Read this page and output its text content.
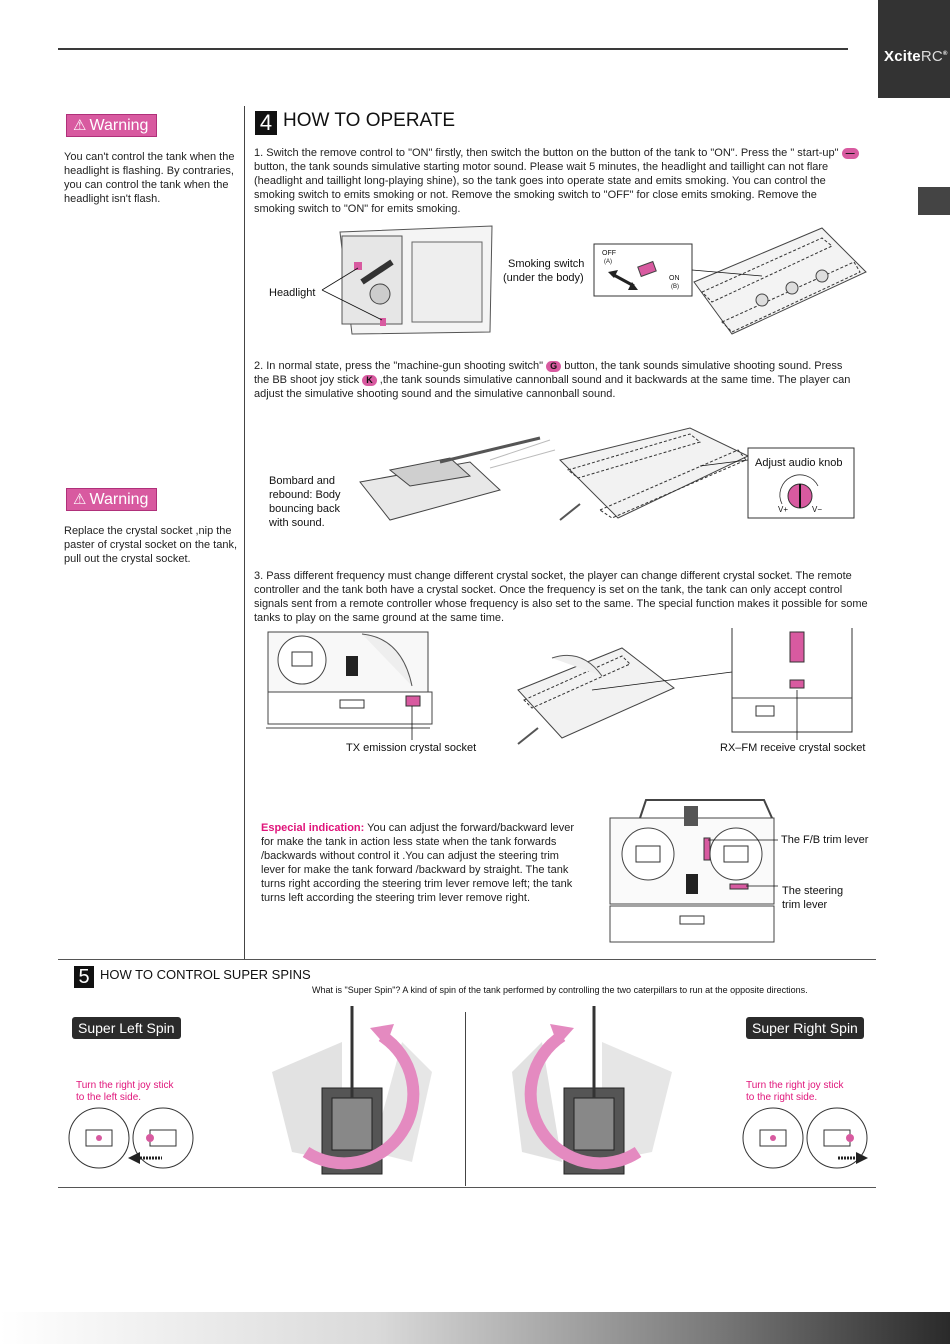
XciteRC®
⚠ Warning
You can't control the tank when the headlight is flashing. By contraries, you can control the tank when the headlight isn't flash.
⚠ Warning
Replace the crystal socket ,nip the paster of crystal socket on the tank, pull out the crystal socket.
4 HOW TO OPERATE
1. Switch the remove control to "ON" firstly, then switch the button on the button of the tank to "ON". Press the " start-up" — button, the tank sounds simulative starting motor sound. Please wait 5 minutes, the headlight and taillight can not flare (headlight and taillight long-playing shine), so the tank goes into operate state and emits smoking. You can control the smoking switch to emits smoking or not. Remove the smoking switch to "OFF" for close emits smoking. Remove the smoking switch to "ON" for emits smoking.
Headlight
Smoking switch
(under the body)
OFF
(A)
ON
(B)
2. In normal state, press the "machine-gun shooting switch" G button, the tank sounds simulative shooting sound. Press the BB shoot joy stick K ,the tank sounds simulative cannonball sound and it backwards at the same time. The player can adjust the simulative shooting sound and the simulative cannonball sound.
Bombard and rebound: Body bouncing back with sound.
Adjust audio knob
V+	V−
3. Pass different frequency must change different crystal socket, the player can change different crystal socket. The remote controller and the tank both have a crystal socket. Once the frequency is set on the tank, the tank can only accept control signals sent from a remote controller whose frequency is also set to the same. The special function makes it possible for some tanks to play on the same ground at the same time.
TX emission crystal socket	RX–FM receive crystal socket
Especial indication: You can adjust the forward/backward lever for make the tank in action less state when the tank forwards /backwards without control it .You can adjust the steering trim lever for make the tank forward /backward by straight. The tank turns right according the steering trim lever remove left; the tank turns left according the steering trim lever remove right.
The F/B trim lever
The steering
trim lever
5 HOW TO CONTROL SUPER SPINS
What is "Super Spin"? A kind of spin of the tank performed by controlling the two caterpillars to run at the opposite directions.
Super Left Spin	Super Right Spin
Turn the right joy stick
to the left side.
Turn the right joy stick
to the right side.
